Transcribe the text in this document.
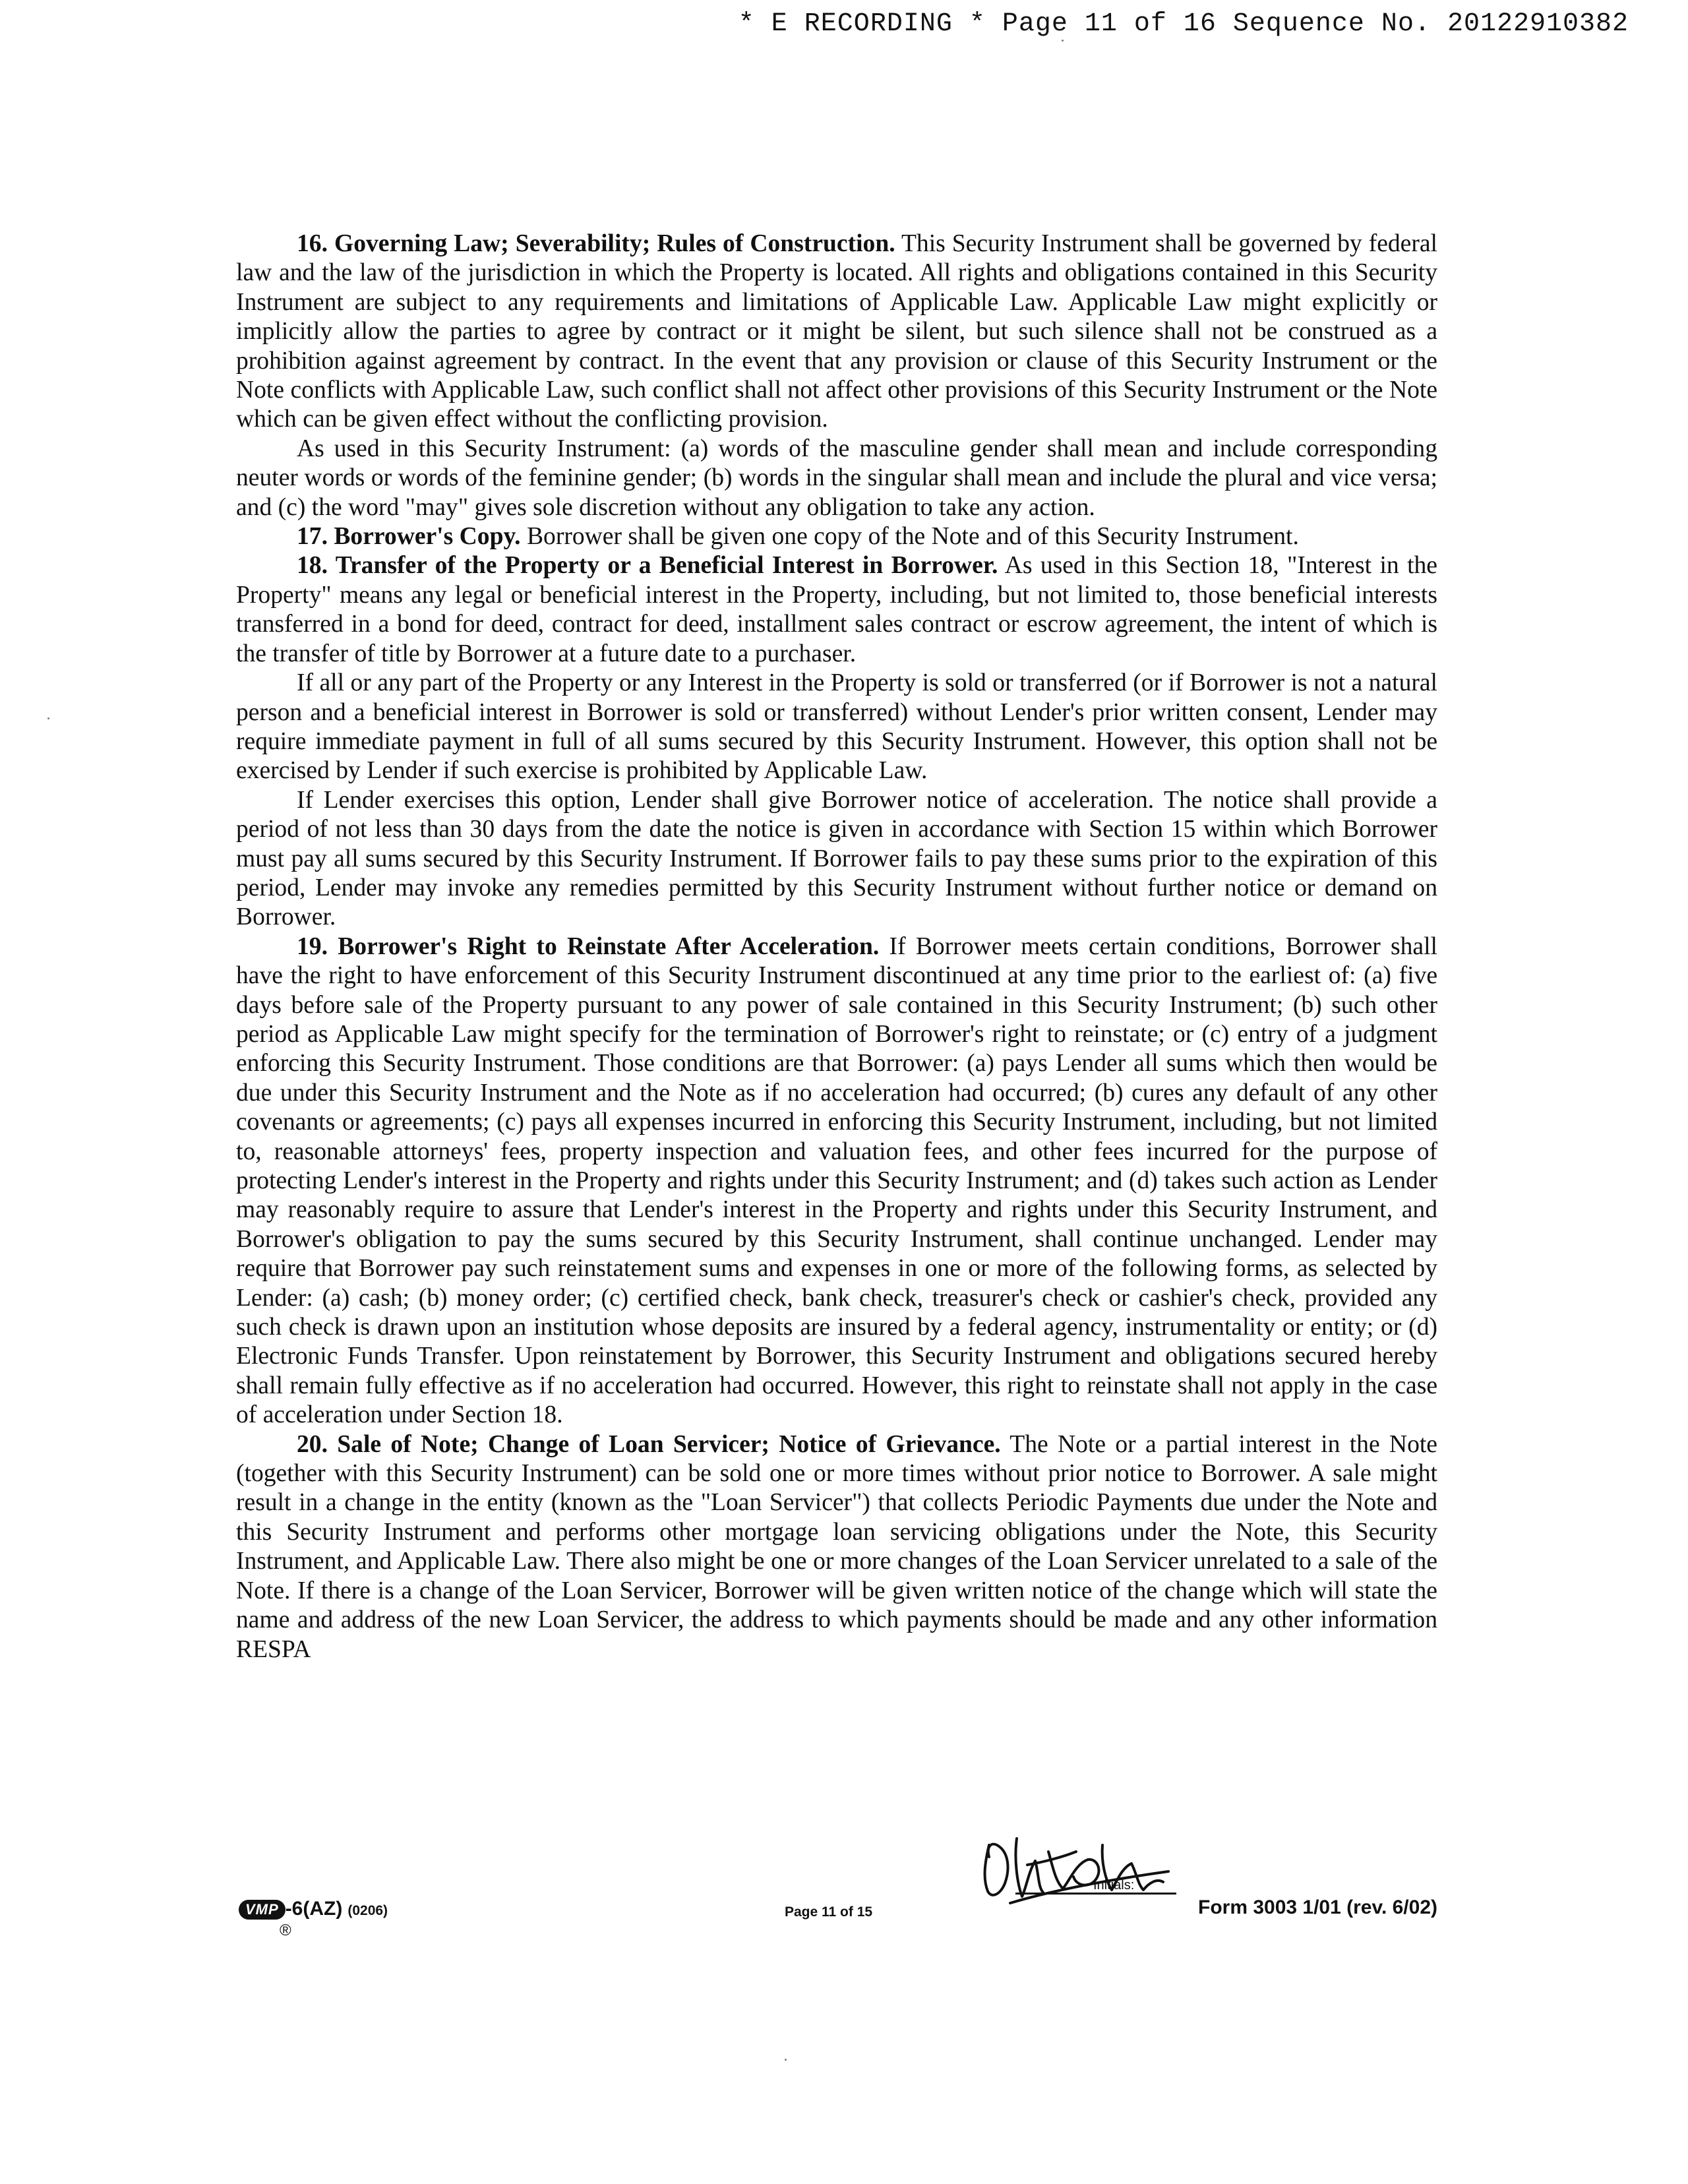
* E RECORDING * Page 11 of 16 Sequence No. 20122910382

16. Governing Law; Severability; Rules of Construction. This Security Instrument shall be governed by federal law and the law of the jurisdiction in which the Property is located. All rights and obligations contained in this Security Instrument are subject to any requirements and limitations of Applicable Law. Applicable Law might explicitly or implicitly allow the parties to agree by contract or it might be silent, but such silence shall not be construed as a prohibition against agreement by contract. In the event that any provision or clause of this Security Instrument or the Note conflicts with Applicable Law, such conflict shall not affect other provisions of this Security Instrument or the Note which can be given effect without the conflicting provision.

As used in this Security Instrument: (a) words of the masculine gender shall mean and include corresponding neuter words or words of the feminine gender; (b) words in the singular shall mean and include the plural and vice versa; and (c) the word "may" gives sole discretion without any obligation to take any action.

17. Borrower's Copy. Borrower shall be given one copy of the Note and of this Security Instrument.

18. Transfer of the Property or a Beneficial Interest in Borrower. As used in this Section 18, "Interest in the Property" means any legal or beneficial interest in the Property, including, but not limited to, those beneficial interests transferred in a bond for deed, contract for deed, installment sales contract or escrow agreement, the intent of which is the transfer of title by Borrower at a future date to a purchaser.

If all or any part of the Property or any Interest in the Property is sold or transferred (or if Borrower is not a natural person and a beneficial interest in Borrower is sold or transferred) without Lender's prior written consent, Lender may require immediate payment in full of all sums secured by this Security Instrument. However, this option shall not be exercised by Lender if such exercise is prohibited by Applicable Law.

If Lender exercises this option, Lender shall give Borrower notice of acceleration. The notice shall provide a period of not less than 30 days from the date the notice is given in accordance with Section 15 within which Borrower must pay all sums secured by this Security Instrument. If Borrower fails to pay these sums prior to the expiration of this period, Lender may invoke any remedies permitted by this Security Instrument without further notice or demand on Borrower.

19. Borrower's Right to Reinstate After Acceleration. If Borrower meets certain conditions, Borrower shall have the right to have enforcement of this Security Instrument discontinued at any time prior to the earliest of: (a) five days before sale of the Property pursuant to any power of sale contained in this Security Instrument; (b) such other period as Applicable Law might specify for the termination of Borrower's right to reinstate; or (c) entry of a judgment enforcing this Security Instrument. Those conditions are that Borrower: (a) pays Lender all sums which then would be due under this Security Instrument and the Note as if no acceleration had occurred; (b) cures any default of any other covenants or agreements; (c) pays all expenses incurred in enforcing this Security Instrument, including, but not limited to, reasonable attorneys' fees, property inspection and valuation fees, and other fees incurred for the purpose of protecting Lender's interest in the Property and rights under this Security Instrument; and (d) takes such action as Lender may reasonably require to assure that Lender's interest in the Property and rights under this Security Instrument, and Borrower's obligation to pay the sums secured by this Security Instrument, shall continue unchanged. Lender may require that Borrower pay such reinstatement sums and expenses in one or more of the following forms, as selected by Lender: (a) cash; (b) money order; (c) certified check, bank check, treasurer's check or cashier's check, provided any such check is drawn upon an institution whose deposits are insured by a federal agency, instrumentality or entity; or (d) Electronic Funds Transfer. Upon reinstatement by Borrower, this Security Instrument and obligations secured hereby shall remain fully effective as if no acceleration had occurred. However, this right to reinstate shall not apply in the case of acceleration under Section 18.

20. Sale of Note; Change of Loan Servicer; Notice of Grievance. The Note or a partial interest in the Note (together with this Security Instrument) can be sold one or more times without prior notice to Borrower. A sale might result in a change in the entity (known as the "Loan Servicer") that collects Periodic Payments due under the Note and this Security Instrument and performs other mortgage loan servicing obligations under the Note, this Security Instrument, and Applicable Law. There also might be one or more changes of the Loan Servicer unrelated to a sale of the Note. If there is a change of the Loan Servicer, Borrower will be given written notice of the change which will state the name and address of the new Loan Servicer, the address to which payments should be made and any other information RESPA

VMP -6(AZ) (0206)
®
Page 11 of 15
Initials:
Form 3003 1/01 (rev. 6/02)
